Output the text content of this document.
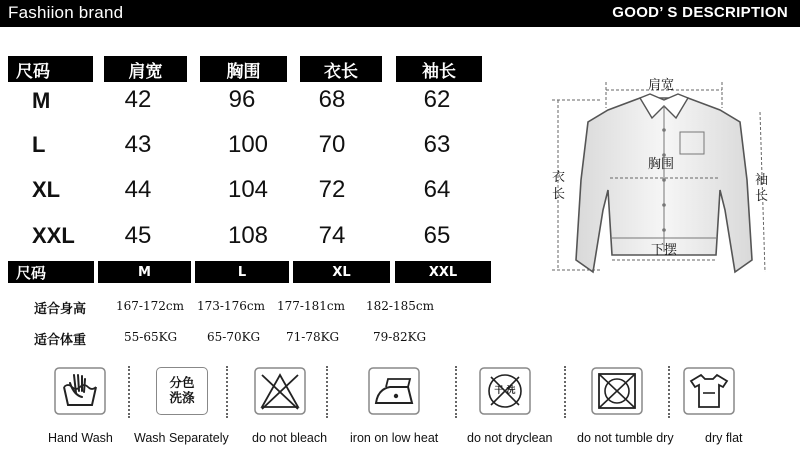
Fashiion brand	GOOD’ S DESCRIPTION
尺码	肩宽	胸围	衣长	袖长
M	42	96	68	62
L	43	100	70	63
XL	44	104	72	64
XXL	45	108	74	65
尺码	M	L	XL	XXL
适合身高 167-172cm 173-176cm 177-181cm 182-185cm
适合体重	55-65KG 65-70KG 71-78KG	79-82KG
肩宽
胸围
下摆
衣
长
袖
长
分色
洗涤	干 洗
Hand Wash Wash Separately do not bleach iron on low heat do not dryclean do not tumble dry	dry flat
